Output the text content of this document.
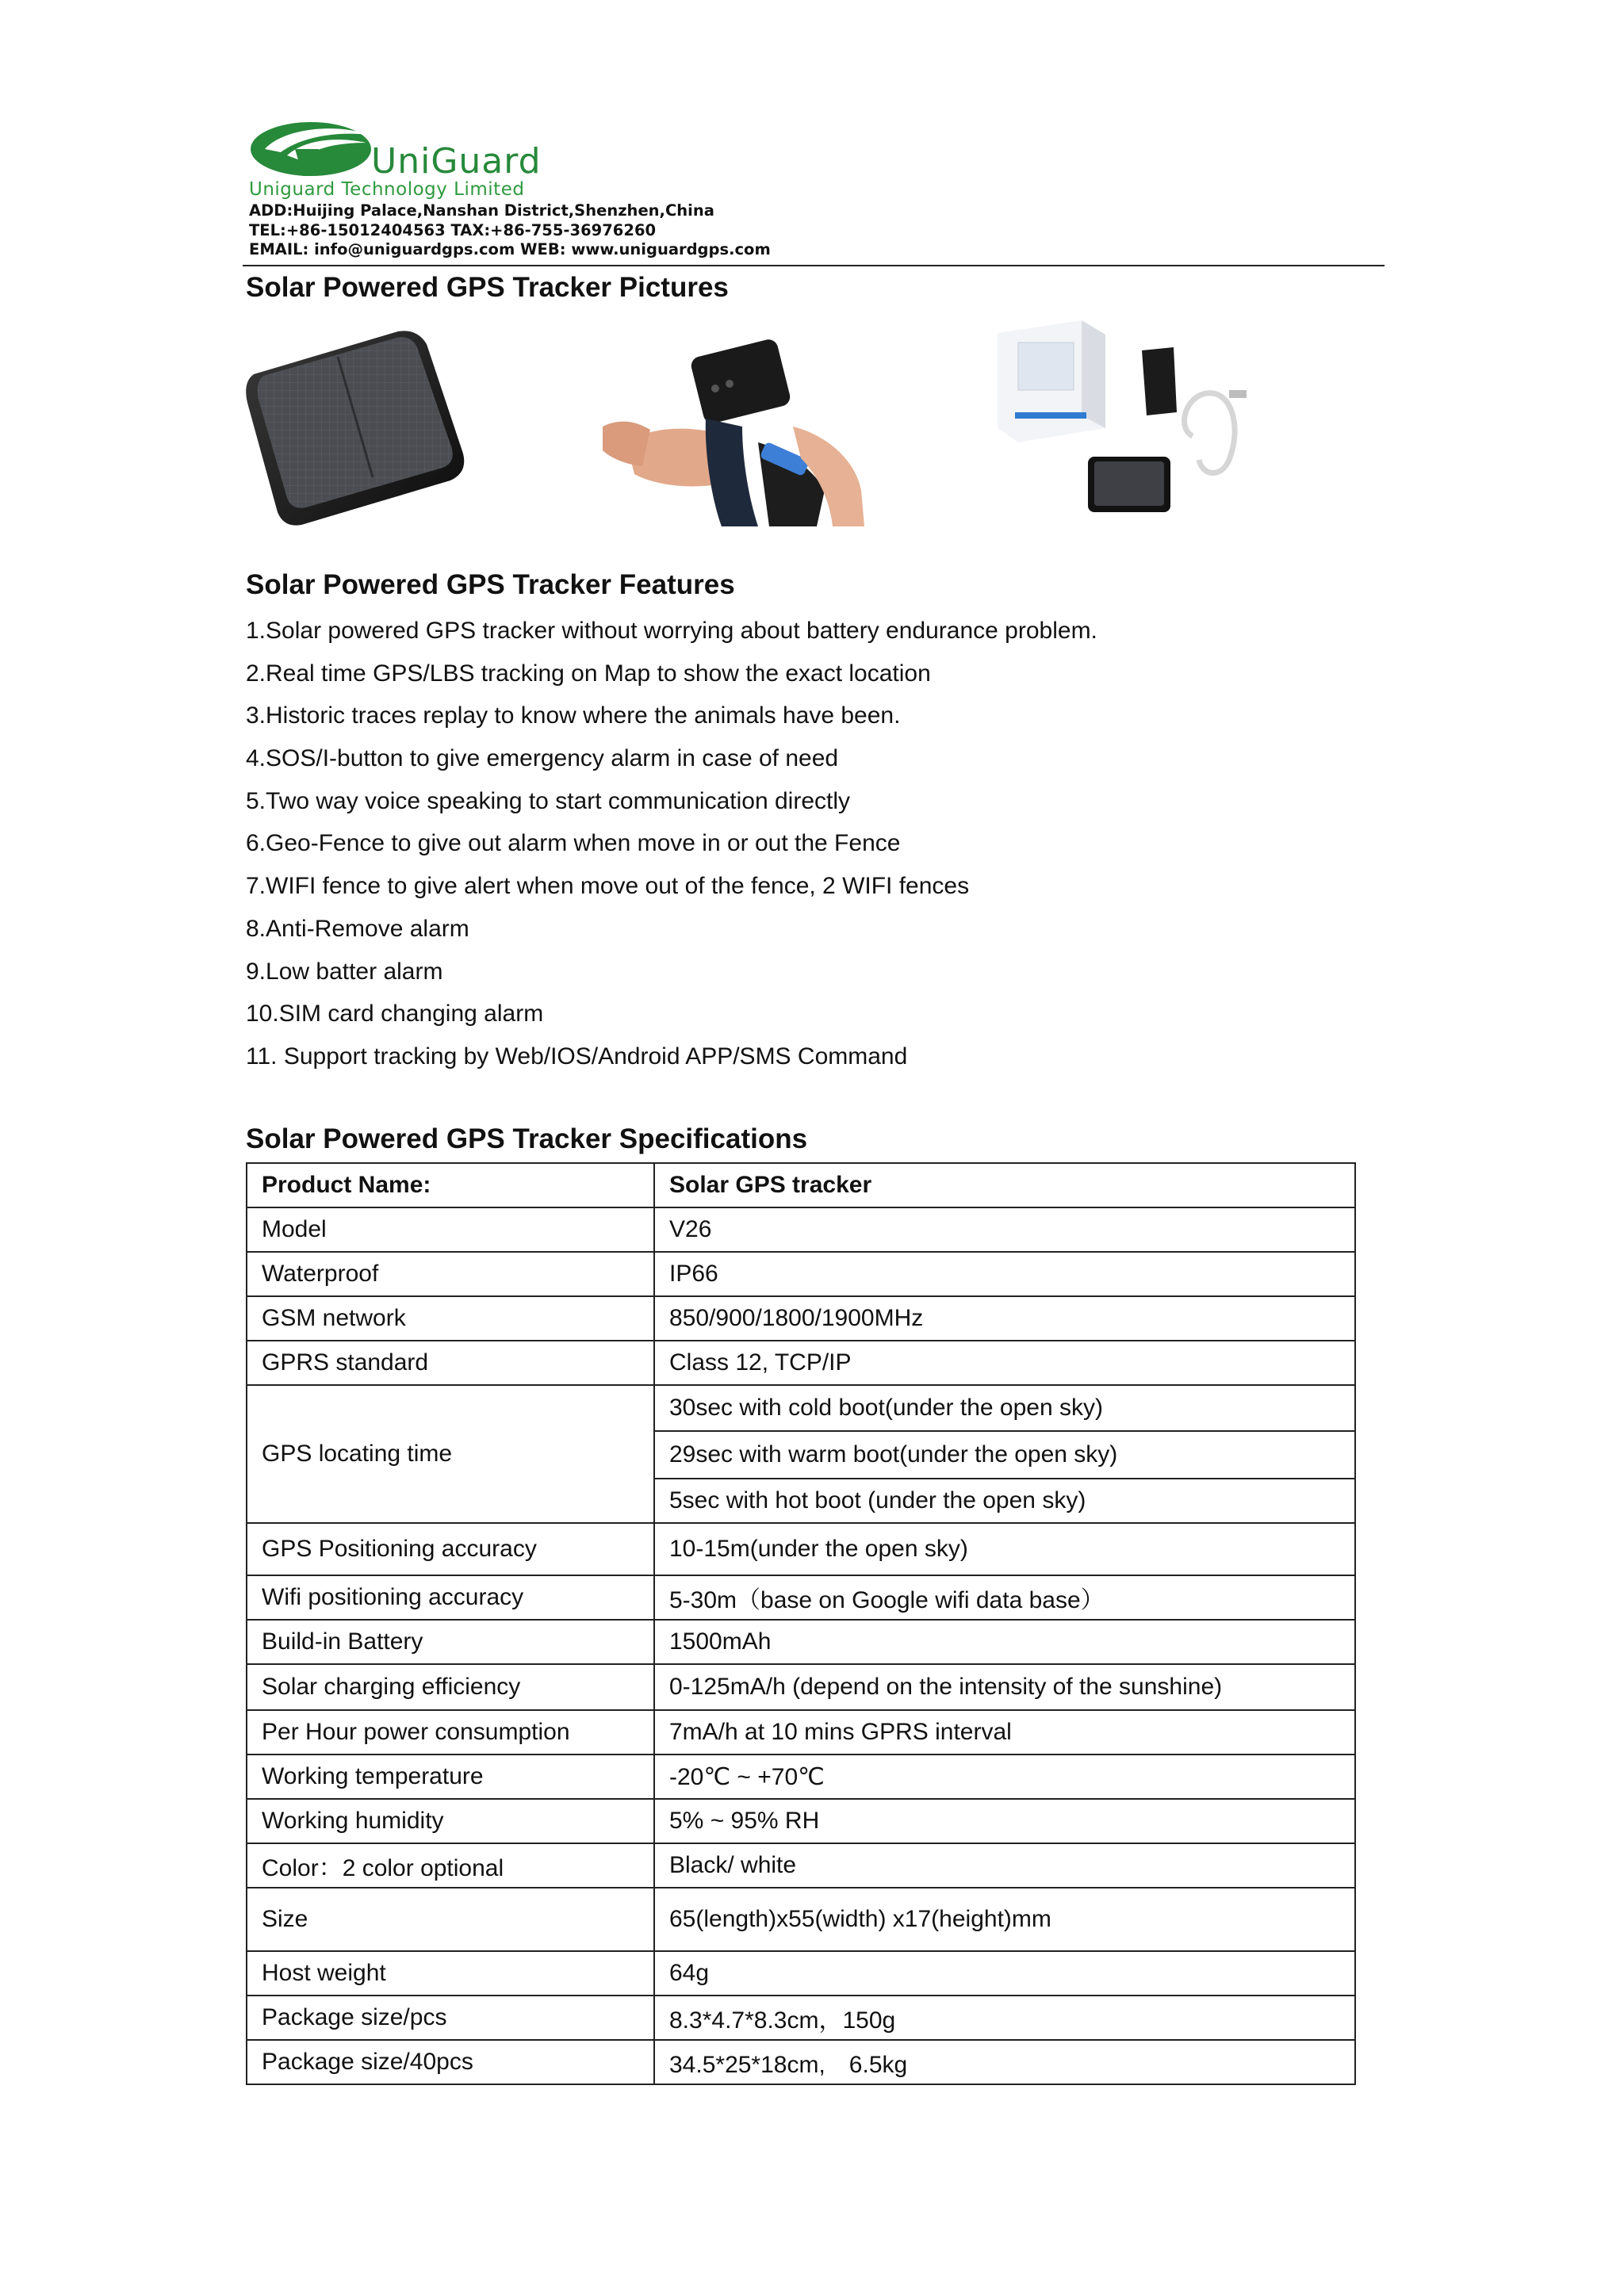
UniGuard
Uniguard Technology Limited
ADD:Huijing Palace,Nanshan District,Shenzhen,China
TEL:+86-15012404563 TAX:+86-755-36976260
EMAIL: info@uniguardgps.com WEB: www.uniguardgps.com
Solar Powered GPS Tracker Pictures
Solar Powered GPS Tracker Features
1.Solar powered GPS tracker without worrying about battery endurance problem.
2.Real time GPS/LBS tracking on Map to show the exact location
3.Historic traces replay to know where the animals have been.
4.SOS/I-button to give emergency alarm in case of need
5.Two way voice speaking to start communication directly
6.Geo-Fence to give out alarm when move in or out the Fence
7.WIFI fence to give alert when move out of the fence, 2 WIFI fences
8.Anti-Remove alarm
9.Low batter alarm
10.SIM card changing alarm
11. Support tracking by Web/IOS/Android APP/SMS Command
Solar Powered GPS Tracker Specifications
Product Name:	Solar GPS tracker
Model	V26
Waterproof	IP66
GSM network	850/900/1800/1900MHz
GPRS standard	Class 12, TCP/IP
GPS locating time	30sec with cold boot(under the open sky)
	29sec with warm boot(under the open sky)
	5sec with hot boot (under the open sky)
GPS Positioning accuracy	10-15m(under the open sky)
Wifi positioning accuracy	5-30m（base on Google wifi data base）
Build-in Battery	1500mAh
Solar charging efficiency	0-125mA/h (depend on the intensity of the sunshine)
Per Hour power consumption	7mA/h at 10 mins GPRS interval
Working temperature	-20℃ ~ +70℃
Working humidity	5% ~ 95% RH
Color：2 color optional	Black/ white
Size	65(length)x55(width) x17(height)mm
Host weight	64g
Package size/pcs	8.3*4.7*8.3cm，150g
Package size/40pcs	34.5*25*18cm,　6.5kg
